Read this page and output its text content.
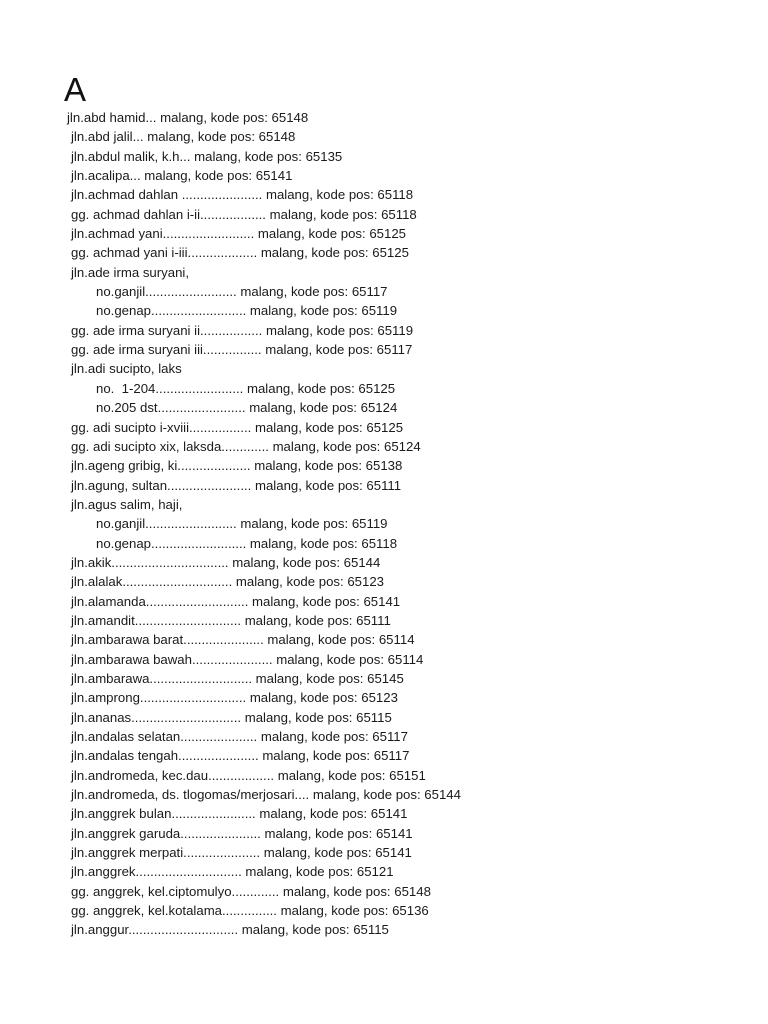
A
jln.abd hamid... malang, kode pos: 65148
jln.abd jalil... malang, kode pos: 65148
jln.abdul malik, k.h... malang, kode pos: 65135
jln.acalipa... malang, kode pos: 65141
jln.achmad dahlan ...................... malang, kode pos: 65118
gg. achmad dahlan i-ii.................. malang, kode pos: 65118
jln.achmad yani......................... malang, kode pos: 65125
gg. achmad yani i-iii................... malang, kode pos: 65125
jln.ade irma suryani,
no.ganjil......................... malang, kode pos: 65117
no.genap.......................... malang, kode pos: 65119
gg. ade irma suryani ii................. malang, kode pos: 65119
gg. ade irma suryani iii................ malang, kode pos: 65117
jln.adi sucipto, laks
no.  1-204........................ malang, kode pos: 65125
no.205 dst........................ malang, kode pos: 65124
gg. adi sucipto i-xviii................. malang, kode pos: 65125
gg. adi sucipto xix, laksda............. malang, kode pos: 65124
jln.ageng gribig, ki.................... malang, kode pos: 65138
jln.agung, sultan....................... malang, kode pos: 65111
jln.agus salim, haji,
no.ganjil......................... malang, kode pos: 65119
no.genap.......................... malang, kode pos: 65118
jln.akik................................ malang, kode pos: 65144
jln.alalak.............................. malang, kode pos: 65123
jln.alamanda............................ malang, kode pos: 65141
jln.amandit............................. malang, kode pos: 65111
jln.ambarawa barat...................... malang, kode pos: 65114
jln.ambarawa bawah...................... malang, kode pos: 65114
jln.ambarawa............................ malang, kode pos: 65145
jln.amprong............................. malang, kode pos: 65123
jln.ananas.............................. malang, kode pos: 65115
jln.andalas selatan..................... malang, kode pos: 65117
jln.andalas tengah...................... malang, kode pos: 65117
jln.andromeda, kec.dau.................. malang, kode pos: 65151
jln.andromeda, ds. tlogomas/merjosari.... malang, kode pos: 65144
jln.anggrek bulan....................... malang, kode pos: 65141
jln.anggrek garuda...................... malang, kode pos: 65141
jln.anggrek merpati..................... malang, kode pos: 65141
jln.anggrek............................. malang, kode pos: 65121
gg. anggrek, kel.ciptomulyo............. malang, kode pos: 65148
gg. anggrek, kel.kotalama............... malang, kode pos: 65136
jln.anggur.............................. malang, kode pos: 65115
